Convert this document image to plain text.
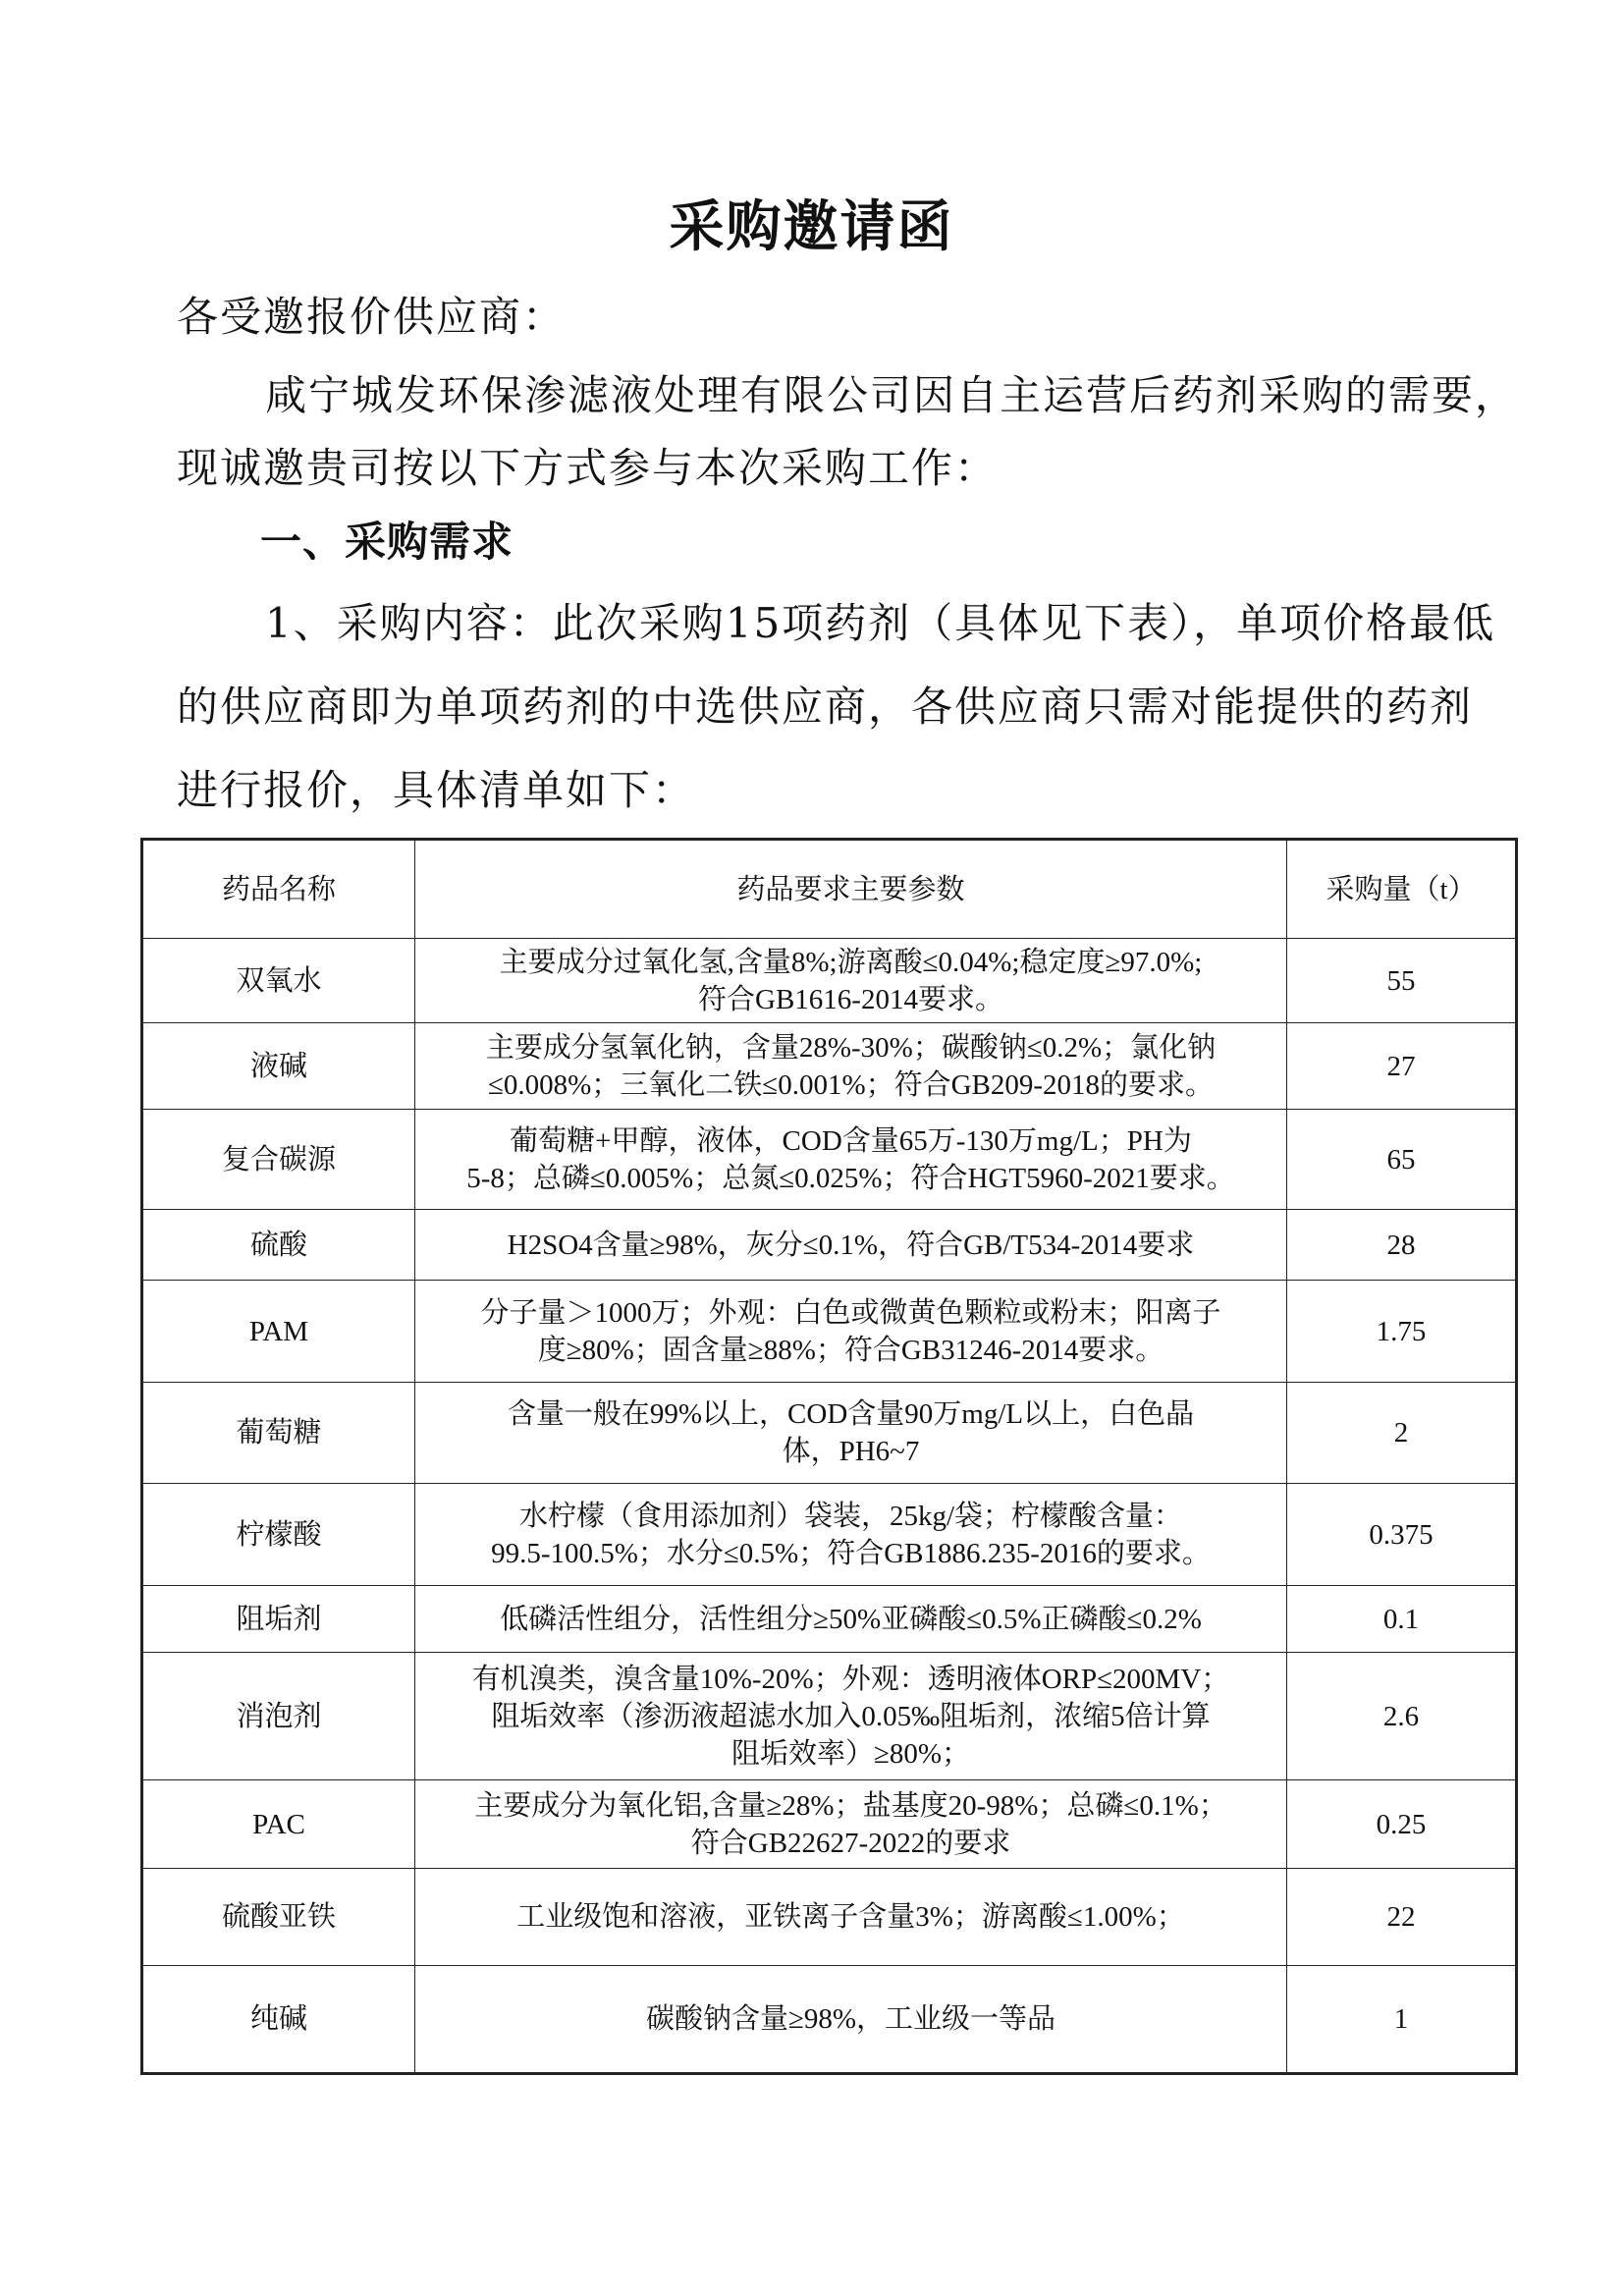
采购邀请函
各受邀报价供应商：
咸宁城发环保渗滤液处理有限公司因自主运营后药剂采购的需要，
现诚邀贵司按以下方式参与本次采购工作：
一、采购需求
1、采购内容：此次采购15项药剂（具体见下表），单项价格最低
的供应商即为单项药剂的中选供应商，各供应商只需对能提供的药剂
进行报价，具体清单如下：
药品名称	药品要求主要参数	采购量（t）
双氧水	主要成分过氧化氢,含量8%;游离酸≤0.04%;稳定度≥97.0%;
符合GB1616-2014要求。	55
液碱	主要成分氢氧化钠，含量28%-30%；碳酸钠≤0.2%；氯化钠
≤0.008%；三氧化二铁≤0.001%；符合GB209-2018的要求。	27
复合碳源	葡萄糖+甲醇，液体，COD含量65万-130万mg/L；PH为
5-8；总磷≤0.005%；总氮≤0.025%；符合HGT5960-2021要求。	65
硫酸	H2SO4含量≥98%，灰分≤0.1%，符合GB/T534-2014要求	28
PAM	分子量＞1000万；外观：白色或微黄色颗粒或粉末；阳离子
度≥80%；固含量≥88%；符合GB31246-2014要求。	1.75
葡萄糖	含量一般在99%以上，COD含量90万mg/L以上，白色晶
体，PH6~7	2
柠檬酸	水柠檬（食用添加剂）袋装，25kg/袋；柠檬酸含量：
99.5-100.5%；水分≤0.5%；符合GB1886.235-2016的要求。	0.375
阻垢剂	低磷活性组分，活性组分≥50%亚磷酸≤0.5%正磷酸≤0.2%	0.1
消泡剂	有机溴类，溴含量10%-20%；外观：透明液体ORP≤200MV；
阻垢效率（渗沥液超滤水加入0.05‰阻垢剂，浓缩5倍计算
阻垢效率）≥80%；	2.6
PAC	主要成分为氧化铝,含量≥28%；盐基度20-98%；总磷≤0.1%；
符合GB22627-2022的要求	0.25
硫酸亚铁	工业级饱和溶液，亚铁离子含量3%；游离酸≤1.00%；	22
纯碱	碳酸钠含量≥98%，工业级一等品	1
